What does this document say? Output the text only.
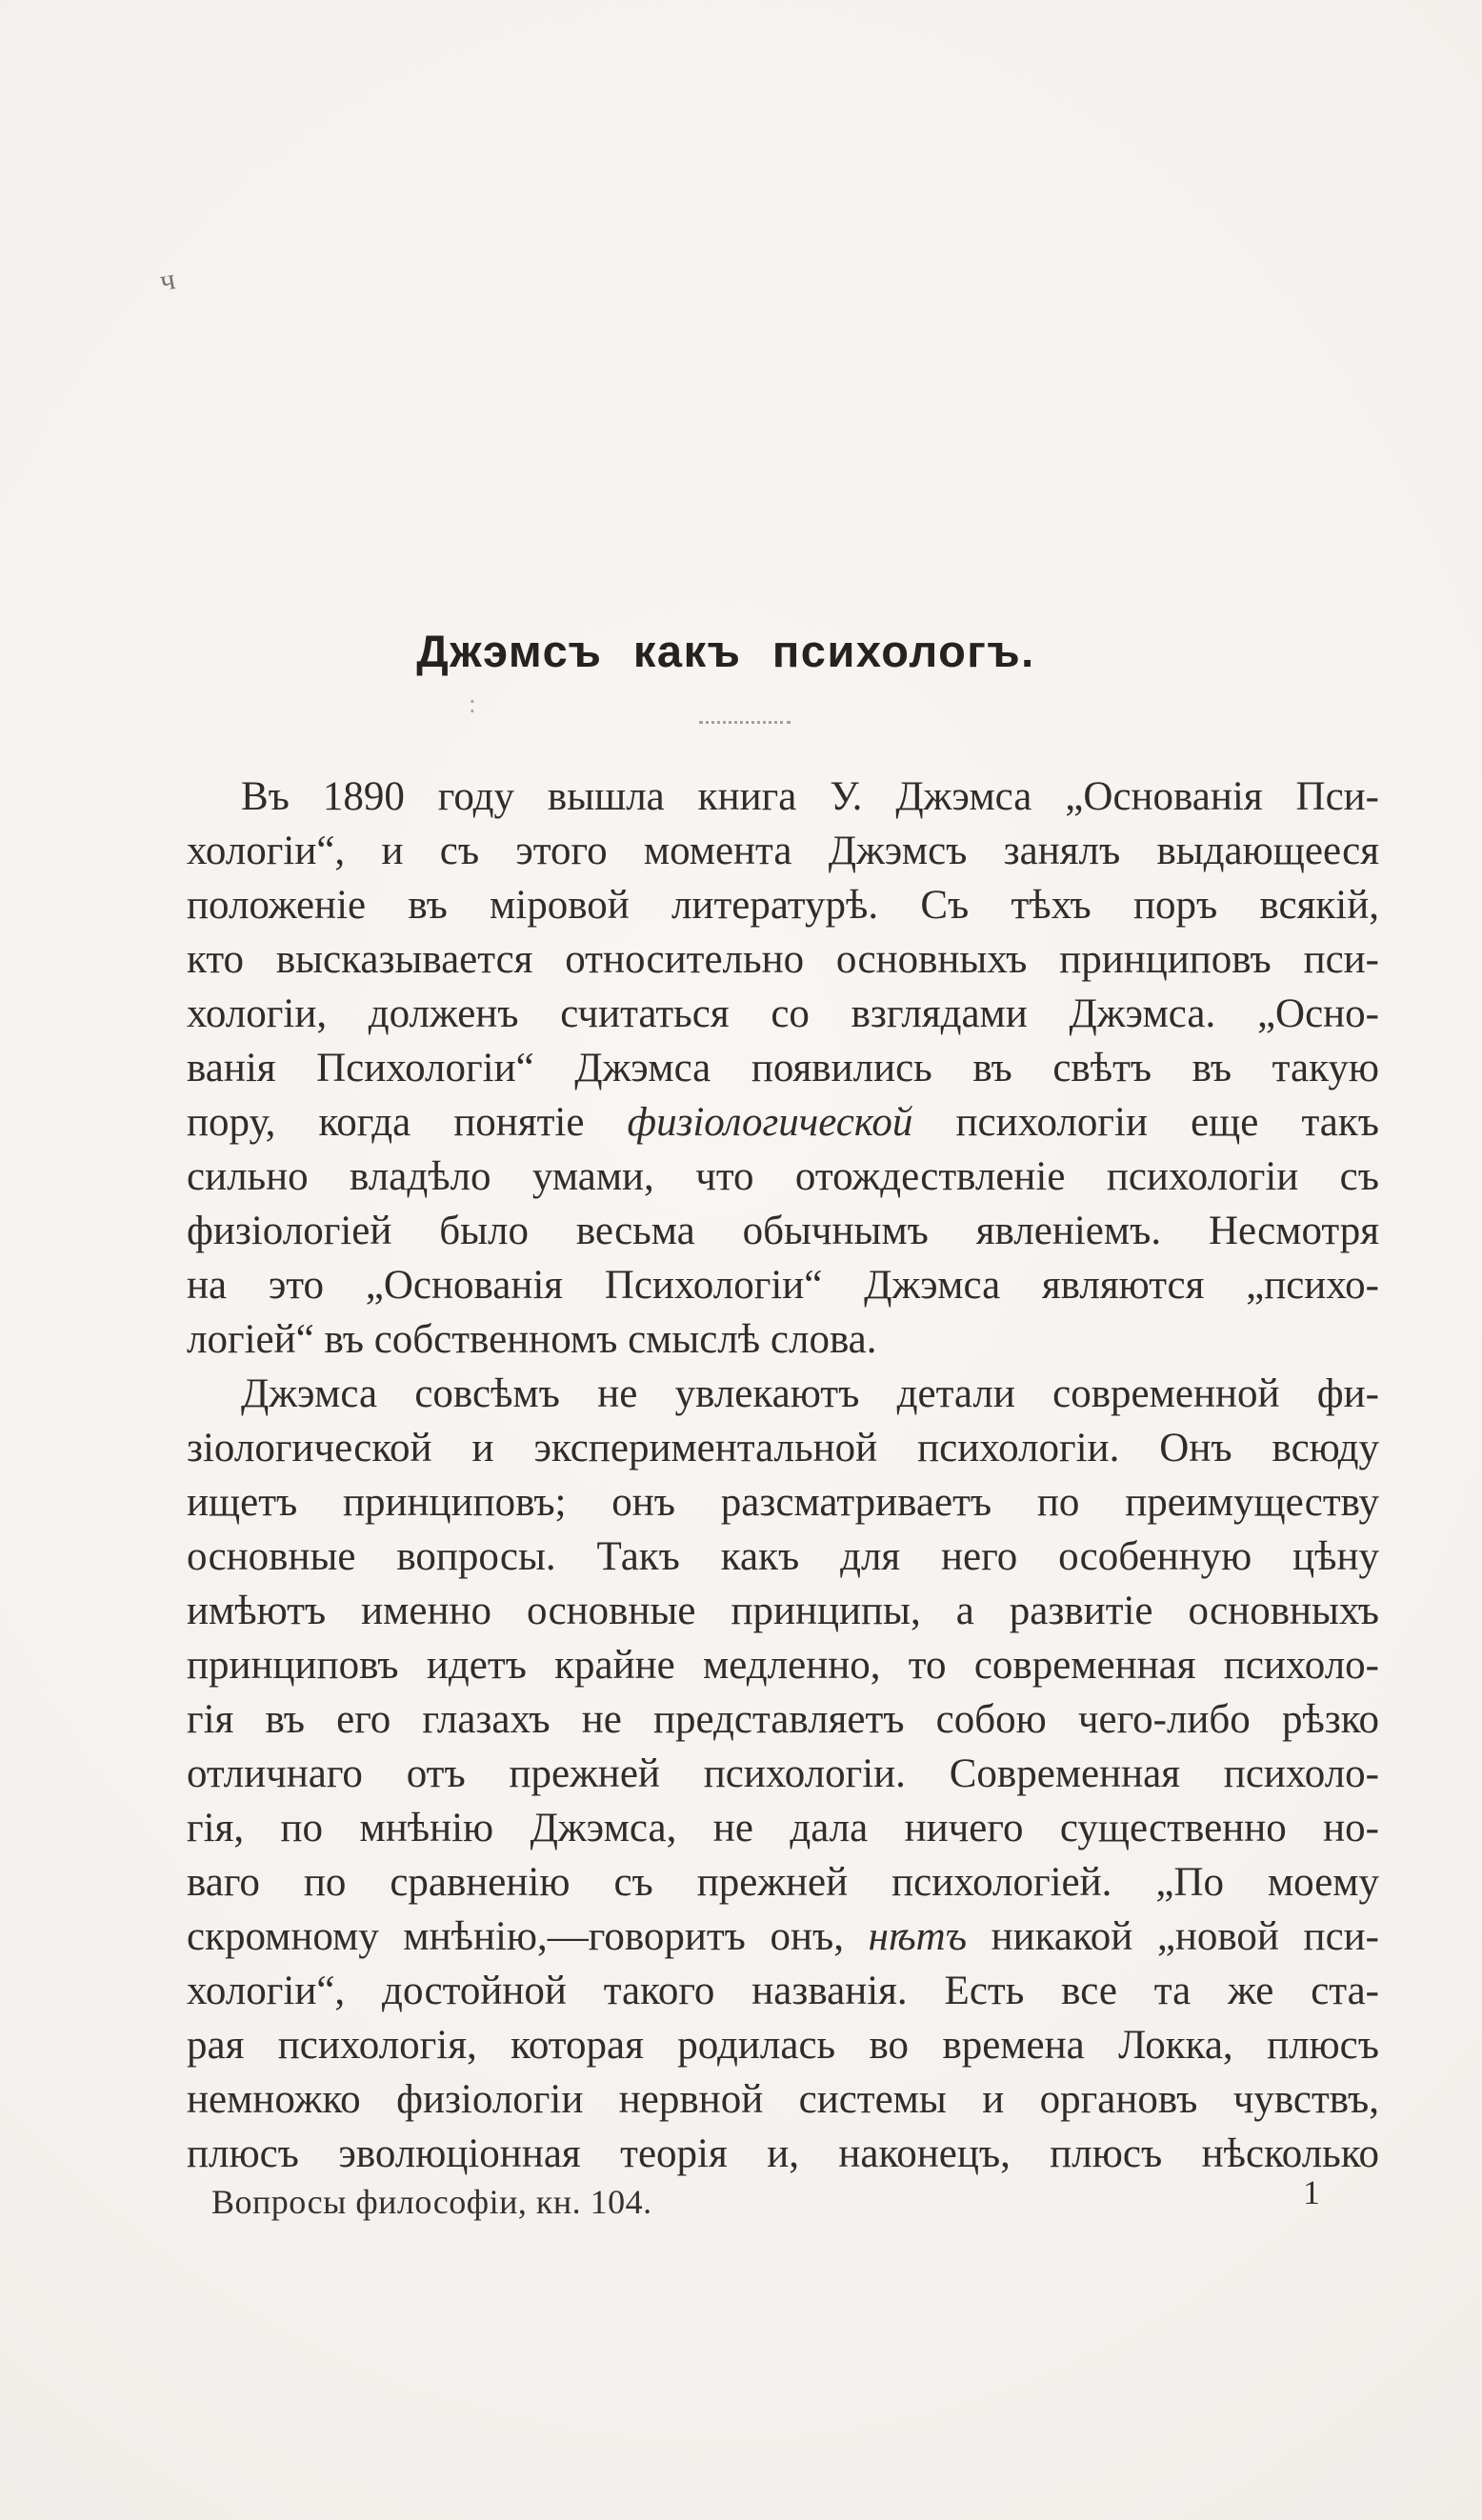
ч
:
Джэмсъ какъ психологъ.
Въ 1890 году вышла книга У. Джэмса „Основанія Пси-
хологіи“, и съ этого момента Джэмсъ занялъ выдающееся
положеніе въ міровой литературѣ. Съ тѣхъ поръ всякій,
кто высказывается относительно основныхъ принциповъ пси-
хологіи, долженъ считаться со взглядами Джэмса. „Осно-
ванія Психологіи“ Джэмса появились въ свѣтъ въ такую
пору, когда понятіе физіологической психологіи еще такъ
сильно владѣло умами, что отождествленіе психологіи съ
физіологіей было весьма обычнымъ явленіемъ. Несмотря
на это „Основанія Психологіи“ Джэмса являются „психо-
логіей“ въ собственномъ смыслѣ слова.
Джэмса совсѣмъ не увлекаютъ детали современной фи-
зіологической и экспериментальной психологіи. Онъ всюду
ищетъ принциповъ; онъ разсматриваетъ по преимуществу
основные вопросы. Такъ какъ для него особенную цѣну
имѣютъ именно основные принципы, а развитіе основныхъ
принциповъ идетъ крайне медленно, то современная психоло-
гія въ его глазахъ не представляетъ собою чего-либо рѣзко
отличнаго отъ прежней психологіи. Современная психоло-
гія, по мнѣнію Джэмса, не дала ничего существенно но-
ваго по сравненію съ прежней психологіей. „По моему
скромному мнѣнію,—говоритъ онъ, нѣтъ никакой „новой пси-
хологіи“, достойной такого названія. Есть все та же ста-
рая психологія, которая родилась во времена Локка, плюсъ
немножко физіологіи нервной системы и органовъ чувствъ,
плюсъ эволюціонная теорія и, наконецъ, плюсъ нѣсколько
Вопросы философіи, кн. 104.	1
